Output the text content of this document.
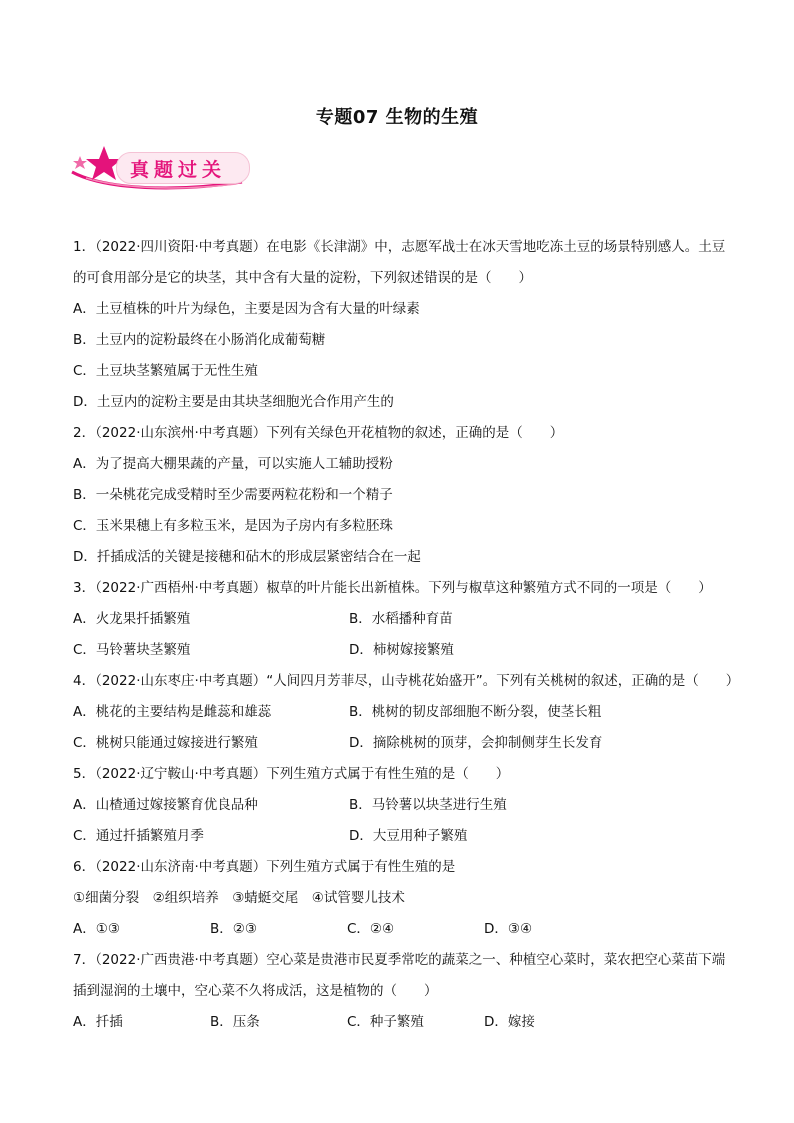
专题07 生物的生殖
真题过关
1．（2022·四川资阳·中考真题）在电影《长津湖》中，志愿军战士在冰天雪地吃冻土豆的场景特别感人。土豆的可食用部分是它的块茎，其中含有大量的淀粉，下列叙述错误的是（　　）
A．土豆植株的叶片为绿色，主要是因为含有大量的叶绿素
B．土豆内的淀粉最终在小肠消化成葡萄糖
C．土豆块茎繁殖属于无性生殖
D．土豆内的淀粉主要是由其块茎细胞光合作用产生的
2．（2022·山东滨州·中考真题）下列有关绿色开花植物的叙述，正确的是（　　）
A．为了提高大棚果蔬的产量，可以实施人工辅助授粉
B．一朵桃花完成受精时至少需要两粒花粉和一个精子
C．玉米果穗上有多粒玉米，是因为子房内有多粒胚珠
D．扦插成活的关键是接穗和砧木的形成层紧密结合在一起
3．（2022·广西梧州·中考真题）椒草的叶片能长出新植株。下列与椒草这种繁殖方式不同的一项是（　　）
A．火龙果扦插繁殖	B．水稻播种育苗
C．马铃薯块茎繁殖	D．柿树嫁接繁殖
4．（2022·山东枣庄·中考真题）“人间四月芳菲尽，山寺桃花始盛开”。下列有关桃树的叙述，正确的是（　　）
A．桃花的主要结构是雌蕊和雄蕊	B．桃树的韧皮部细胞不断分裂，使茎长粗
C．桃树只能通过嫁接进行繁殖	D．摘除桃树的顶芽，会抑制侧芽生长发育
5．（2022·辽宁鞍山·中考真题）下列生殖方式属于有性生殖的是（　　）
A．山楂通过嫁接繁育优良品种	B．马铃薯以块茎进行生殖
C．通过扦插繁殖月季	D．大豆用种子繁殖
6．（2022·山东济南·中考真题）下列生殖方式属于有性生殖的是
①细菌分裂　②组织培养　③蜻蜓交尾　④试管婴儿技术
A．①③	B．②③	C．②④	D．③④
7．（2022·广西贵港·中考真题）空心菜是贵港市民夏季常吃的蔬菜之一、种植空心菜时，菜农把空心菜苗下端插到湿润的土壤中，空心菜不久将成活，这是植物的（　　）
A．扦插	B．压条	C．种子繁殖	D．嫁接
